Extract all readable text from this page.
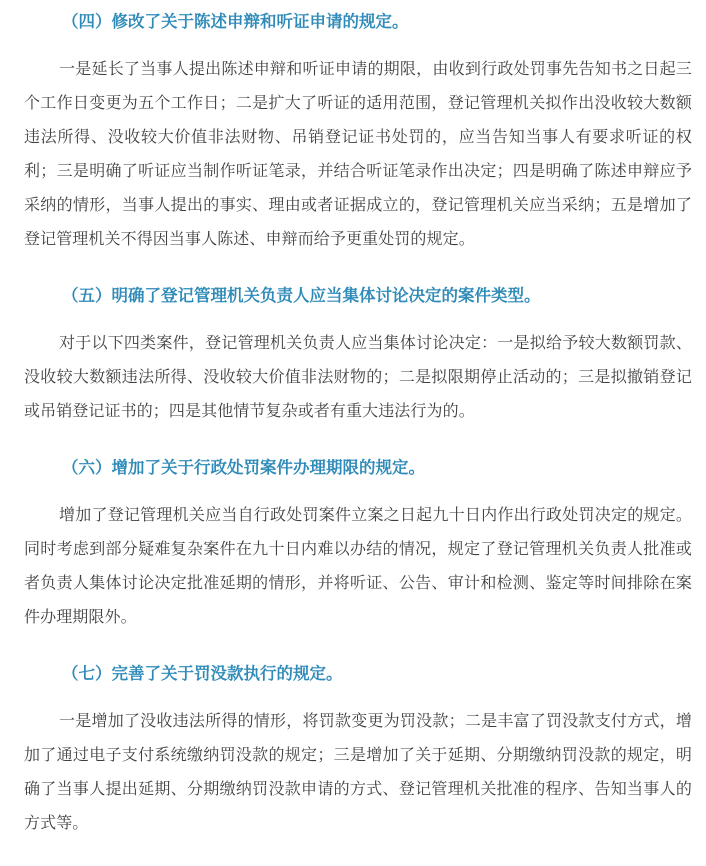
（四）修改了关于陈述申辩和听证申请的规定。

一是延长了当事人提出陈述申辩和听证申请的期限，由收到行政处罚事先告知书之日起三个工作日变更为五个工作日；二是扩大了听证的适用范围，登记管理机关拟作出没收较大数额违法所得、没收较大价值非法财物、吊销登记证书处罚的，应当告知当事人有要求听证的权利；三是明确了听证应当制作听证笔录，并结合听证笔录作出决定；四是明确了陈述申辩应予采纳的情形，当事人提出的事实、理由或者证据成立的，登记管理机关应当采纳；五是增加了登记管理机关不得因当事人陈述、申辩而给予更重处罚的规定。

（五）明确了登记管理机关负责人应当集体讨论决定的案件类型。

对于以下四类案件，登记管理机关负责人应当集体讨论决定：一是拟给予较大数额罚款、没收较大数额违法所得、没收较大价值非法财物的；二是拟限期停止活动的；三是拟撤销登记或吊销登记证书的；四是其他情节复杂或者有重大违法行为的。

（六）增加了关于行政处罚案件办理期限的规定。

增加了登记管理机关应当自行政处罚案件立案之日起九十日内作出行政处罚决定的规定。同时考虑到部分疑难复杂案件在九十日内难以办结的情况，规定了登记管理机关负责人批准或者负责人集体讨论决定批准延期的情形，并将听证、公告、审计和检测、鉴定等时间排除在案件办理期限外。

（七）完善了关于罚没款执行的规定。

一是增加了没收违法所得的情形，将罚款变更为罚没款；二是丰富了罚没款支付方式，增加了通过电子支付系统缴纳罚没款的规定；三是增加了关于延期、分期缴纳罚没款的规定，明确了当事人提出延期、分期缴纳罚没款申请的方式、登记管理机关批准的程序、告知当事人的方式等。
